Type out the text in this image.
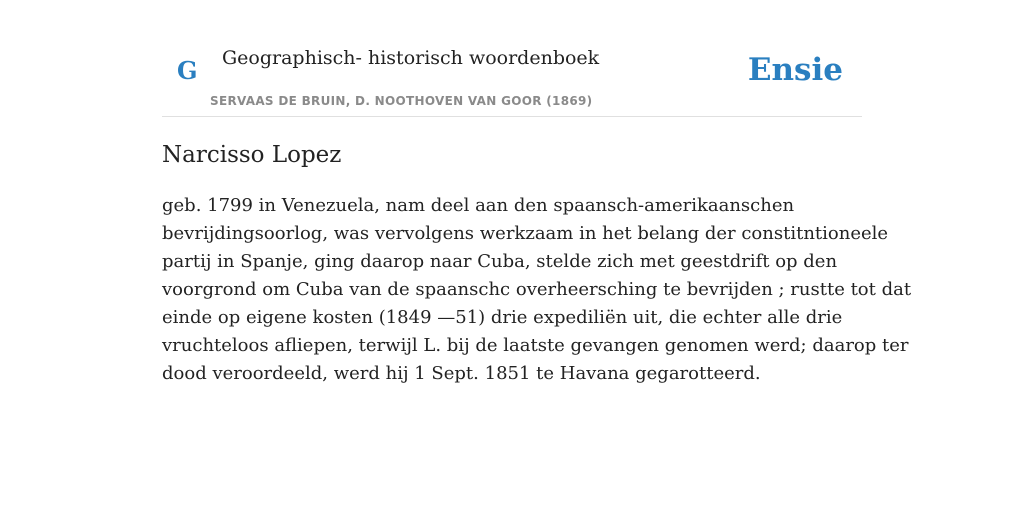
G Geographisch- historisch woordenboek
SERVAAS DE BRUIN, D. NOOTHOVEN VAN GOOR (1869)
Ensie
Narcisso Lopez

geb. 1799 in Venezuela, nam deel aan den spaansch-amerikaanschen
bevrijdingsoorlog, was vervolgens werkzaam in het belang der constitntioneele
partij in Spanje, ging daarop naar Cuba, stelde zich met geestdrift op den
voorgrond om Cuba van de spaanschc overheersching te bevrijden ; rustte tot dat
einde op eigene kosten (1849 —51) drie expediliën uit, die echter alle drie
vruchteloos afliepen, terwijl L. bij de laatste gevangen genomen werd; daarop ter
dood veroordeeld, werd hij 1 Sept. 1851 te Havana gegarotteerd.
